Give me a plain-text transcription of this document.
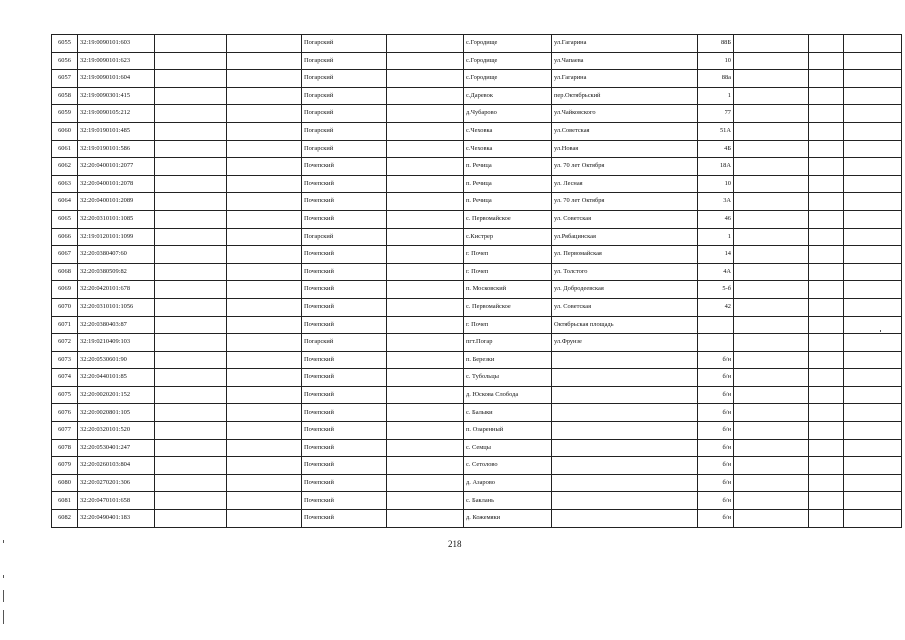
6055	32:19:0090101:603			Погарский		с.Городище	ул.Гагарина	88Б			
6056	32:19:0090101:623			Погарский		с.Городище	ул.Чапаева	10			
6057	32:19:0090101:604			Погарский		с.Городище	ул.Гагарина	88а			
6058	32:19:0090301:415			Погарский		с.Даревок	пер.Октябрьский	1			
6059	32:19:0090105:212			Погарский		д.Чубарово	ул.Чайковского	77			
6060	32:19:0190101:485			Погарский		с.Чеховка	ул.Советская	51А			
6061	32:19:0190101:586			Погарский		с.Чеховка	ул.Новая	4Б			
6062	32:20:0400101:2077			Почепский		п. Речица	ул. 70 лет Октября	18А			
6063	32:20:0400101:2078			Почепский		п. Речица	ул. Лесная	10			
6064	32:20:0400101:2089			Почепский		п. Речица	ул. 70 лет Октября	3А			
6065	32:20:0310101:1085			Почепский		с. Первомайское	ул. Советская	46			
6066	32:19:0120101:1099			Погарский		с.Кистрер	ул.Рябацинская	1			
6067	32:20:0380407:60			Почепский		г. Почеп	ул. Первомайская	14			
6068	32:20:0380509:82			Почепский		г. Почеп	ул. Толстого	4А			
6069	32:20:0420101:678			Почепский		п. Московский	ул. Добродеевская	5-б			
6070	32:20:0310101:1056			Почепский		с. Первомайское	ул. Советская	42			
6071	32:20:0380403:87			Почепский		г. Почеп	Октябрьская площадь				
6072	32:19:0210409:103			Погарский		пгт.Погар	ул.Фрунзе				
6073	32:20:0530601:90			Почепский		п. Березки		б/н			
6074	32:20:0440101:85			Почепский		с. Тубольцы		б/н			
6075	32:20:0020201:152			Почепский		д. Юскова Слобода		б/н			
6076	32:20:0020801:105			Почепский		с. Балыки		б/н			
6077	32:20:0320101:520			Почепский		п. Озаренный		б/н			
6078	32:20:0530401:247			Почепский		с. Семцы		б/н			
6079	32:20:0260103:804			Почепский		с. Сетолово		б/н			
6080	32:20:0270201:306			Почепский		д. Азарово		б/н			
6081	32:20:0470101:658			Почепский		с. Баклань		б/н			
6082	32:20:0490401:183			Почепский		д. Кожемяки		б/н			
218
